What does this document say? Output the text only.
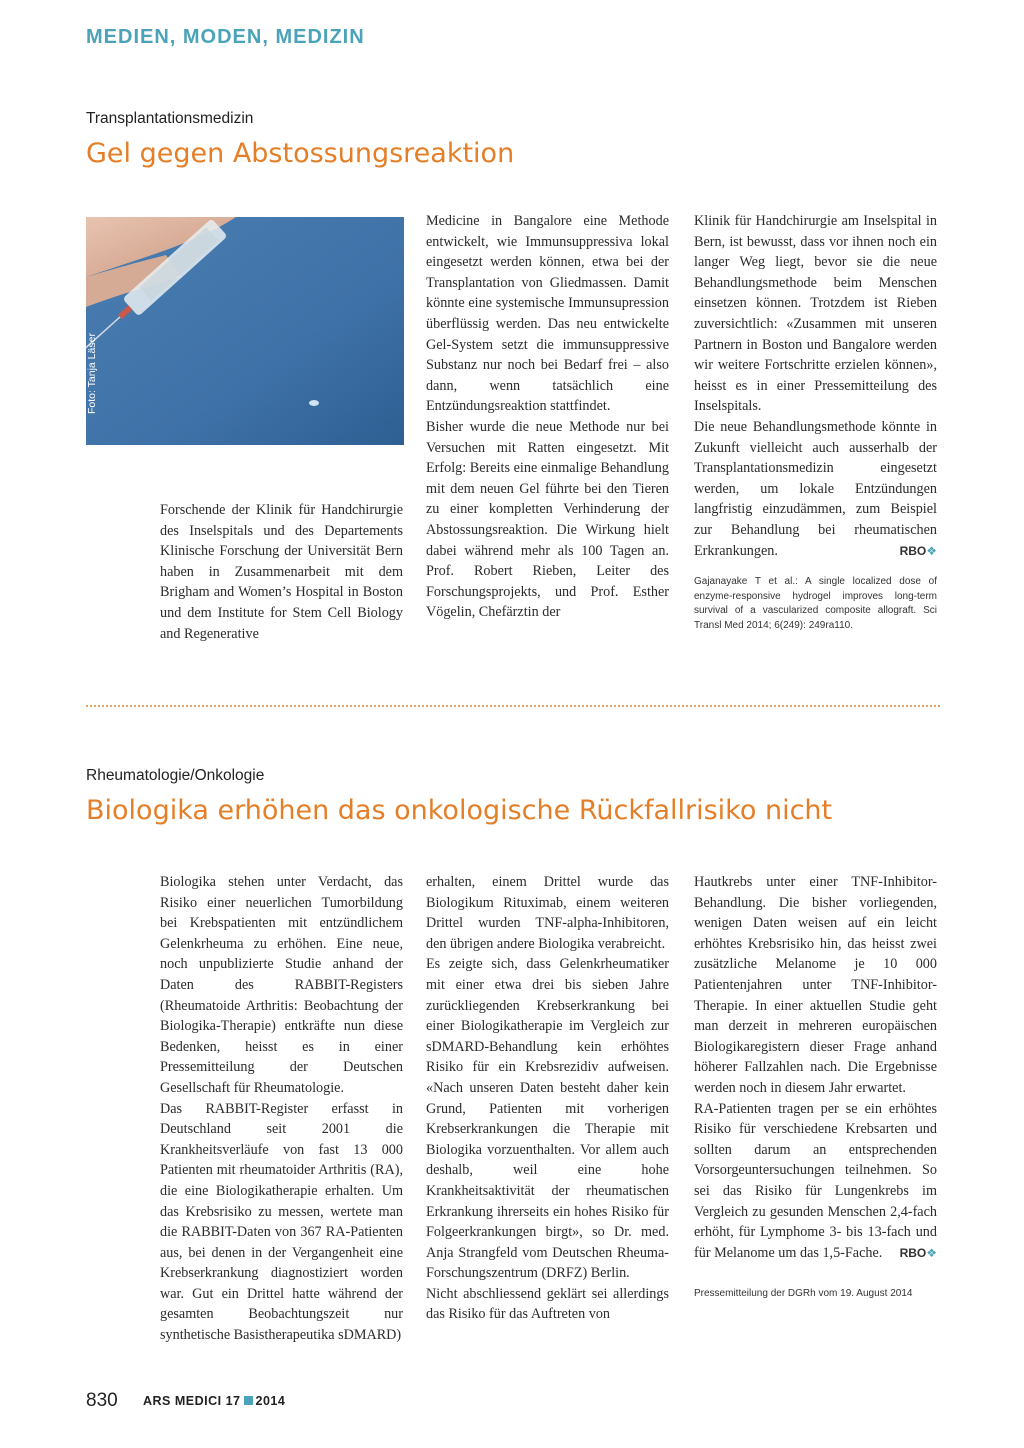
MEDIEN, MODEN, MEDIZIN
Transplantationsmedizin
Gel gegen Abstossungsreaktion
Foto: Tanja Läser

Forschende der Klinik für Handchirurgie des Inselspitals und des Departements Klinische Forschung der Universität Bern haben in Zusammenarbeit mit dem Brigham and Women’s Hospital in Boston und dem Institute for Stem Cell Biology and Regenerative

Medicine in Bangalore eine Methode entwickelt, wie Immunsuppressiva lokal eingesetzt werden können, etwa bei der Transplantation von Gliedmassen. Damit könnte eine systemische Immunsupression überflüssig werden. Das neu entwickelte Gel-System setzt die immunsuppressive Substanz nur noch bei Bedarf frei – also dann, wenn tatsächlich eine Entzündungsreaktion stattfindet.

Bisher wurde die neue Methode nur bei Versuchen mit Ratten eingesetzt. Mit Erfolg: Bereits eine einmalige Behandlung mit dem neuen Gel führte bei den Tieren zu einer kompletten Verhinderung der Abstossungsreaktion. Die Wirkung hielt dabei während mehr als 100 Tagen an. Prof. Robert Rieben, Leiter des Forschungsprojekts, und Prof. Esther Vögelin, Chefärztin der

Klinik für Handchirurgie am Inselspital in Bern, ist bewusst, dass vor ihnen noch ein langer Weg liegt, bevor sie die neue Behandlungsmethode beim Menschen einsetzen können. Trotzdem ist Rieben zuversichtlich: «Zusammen mit unseren Partnern in Boston und Bangalore werden wir weitere Fortschritte erzielen können», heisst es in einer Pressemitteilung des Inselspitals.

Die neue Behandlungsmethode könnte in Zukunft vielleicht auch ausserhalb der Transplantationsmedizin eingesetzt werden, um lokale Entzündungen langfristig einzudämmen, zum Beispiel zur Behandlung bei rheumatischen Erkrankungen.	RBO❖

Gajanayake T et al.: A single localized dose of enzyme-responsive hydrogel improves long-term survival of a vascularized composite allograft. Sci Transl Med 2014; 6(249): 249ra110.
Rheumatologie/Onkologie
Biologika erhöhen das onkologische Rückfallrisiko nicht

Biologika stehen unter Verdacht, das Risiko einer neuerlichen Tumorbildung bei Krebspatienten mit entzündlichem Gelenkrheuma zu erhöhen. Eine neue, noch unpublizierte Studie anhand der Daten des RABBIT-Registers (Rheumatoide Arthritis: Beobachtung der Biologika-Therapie) entkräfte nun diese Bedenken, heisst es in einer Pressemitteilung der Deutschen Gesellschaft für Rheumatologie.

Das RABBIT-Register erfasst in Deutschland seit 2001 die Krankheitsverläufe von fast 13 000 Patienten mit rheumatoider Arthritis (RA), die eine Biologikatherapie erhalten. Um das Krebsrisiko zu messen, wertete man die RABBIT-Daten von 367 RA-Patienten aus, bei denen in der Vergangenheit eine Krebserkrankung diagnostiziert worden war. Gut ein Drittel hatte während der gesamten Beobachtungszeit nur synthetische Basistherapeutika sDMARD)

erhalten, einem Drittel wurde das Biologikum Rituximab, einem weiteren Drittel wurden TNF-alpha-Inhibitoren, den übrigen andere Biologika verabreicht.

Es zeigte sich, dass Gelenkrheumatiker mit einer etwa drei bis sieben Jahre zurückliegenden Krebserkrankung bei einer Biologikatherapie im Vergleich zur sDMARD-Behandlung kein erhöhtes Risiko für ein Krebsrezidiv aufweisen. «Nach unseren Daten besteht daher kein Grund, Patienten mit vorherigen Krebserkrankungen die Therapie mit Biologika vorzuenthalten. Vor allem auch deshalb, weil eine hohe Krankheitsaktivität der rheumatischen Erkrankung ihrerseits ein hohes Risiko für Folgeerkrankungen birgt», so Dr. med. Anja Strangfeld vom Deutschen Rheuma-Forschungszentrum (DRFZ) Berlin.

Nicht abschliessend geklärt sei allerdings das Risiko für das Auftreten von

Hautkrebs unter einer TNF-Inhibitor-Behandlung. Die bisher vorliegenden, wenigen Daten weisen auf ein leicht erhöhtes Krebsrisiko hin, das heisst zwei zusätzliche Melanome je 10 000 Patientenjahren unter TNF-Inhibitor-Therapie. In einer aktuellen Studie geht man derzeit in mehreren europäischen Biologikaregistern dieser Frage anhand höherer Fallzahlen nach. Die Ergebnisse werden noch in diesem Jahr erwartet.

RA-Patienten tragen per se ein erhöhtes Risiko für verschiedene Krebsarten und sollten darum an entsprechenden Vorsorgeuntersuchungen teilnehmen. So sei das Risiko für Lungenkrebs im Vergleich zu gesunden Menschen 2,4-fach erhöht, für Lymphome 3- bis 13-fach und für Melanome um das 1,5-Fache. RBO❖

Pressemitteilung der DGRh vom 19. August 2014
830 ARS MEDICI 17 2014
